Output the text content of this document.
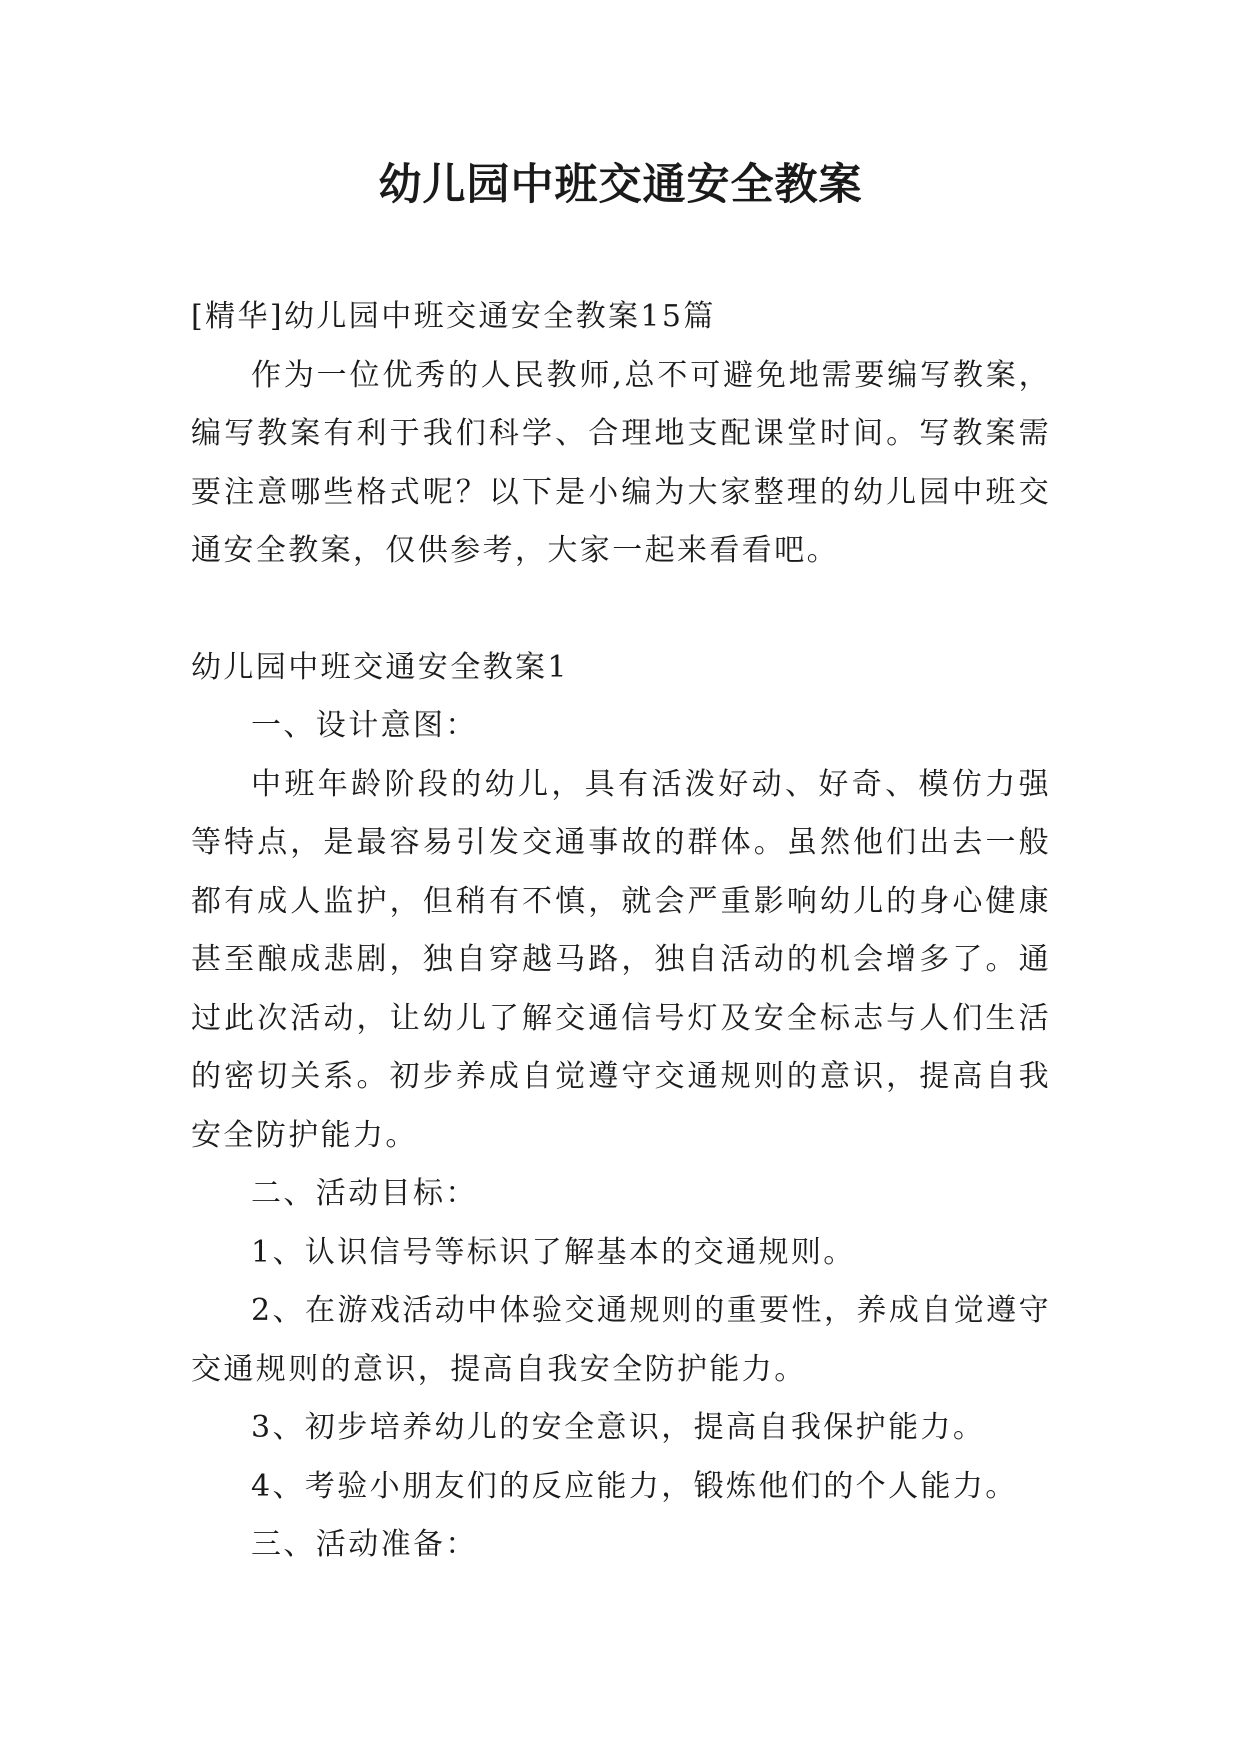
幼儿园中班交通安全教案

[精华]幼儿园中班交通安全教案15篇

作为一位优秀的人民教师,总不可避免地需要编写教案，编写教案有利于我们科学、合理地支配课堂时间。写教案需要注意哪些格式呢？以下是小编为大家整理的幼儿园中班交通安全教案，仅供参考，大家一起来看看吧。

幼儿园中班交通安全教案1

一、设计意图：

中班年龄阶段的幼儿，具有活泼好动、好奇、模仿力强等特点，是最容易引发交通事故的群体。虽然他们出去一般都有成人监护，但稍有不慎，就会严重影响幼儿的身心健康甚至酿成悲剧，独自穿越马路，独自活动的机会增多了。通过此次活动，让幼儿了解交通信号灯及安全标志与人们生活的密切关系。初步养成自觉遵守交通规则的意识，提高自我安全防护能力。

二、活动目标：

1、认识信号等标识了解基本的交通规则。

2、在游戏活动中体验交通规则的重要性，养成自觉遵守交通规则的意识，提高自我安全防护能力。

3、初步培养幼儿的安全意识，提高自我保护能力。

4、考验小朋友们的反应能力，锻炼他们的个人能力。

三、活动准备：
